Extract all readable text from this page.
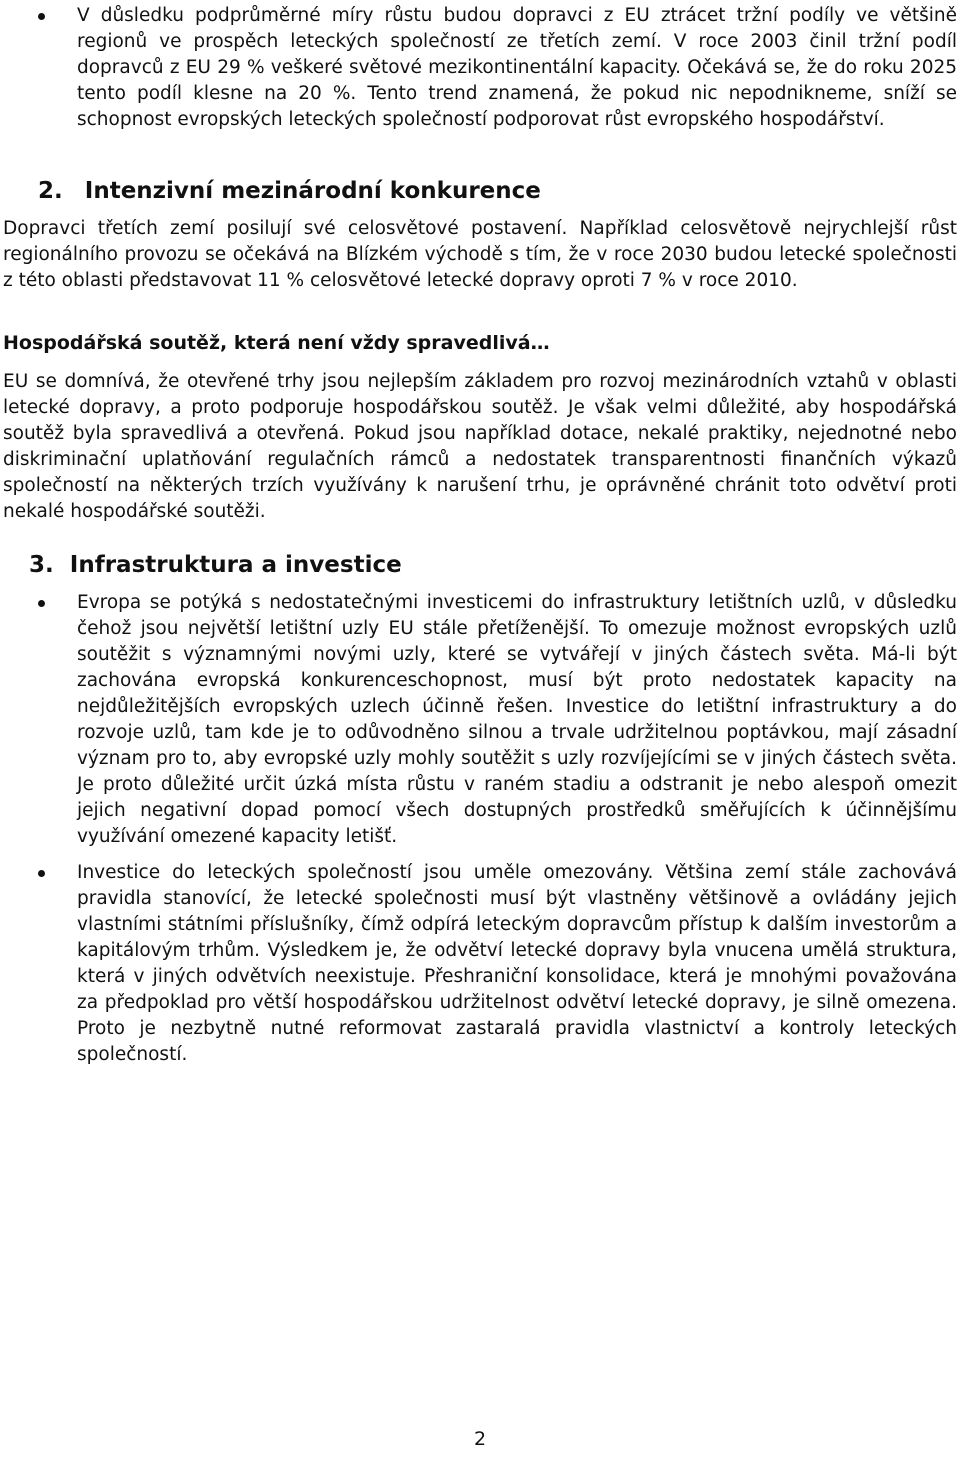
V důsledku podprůměrné míry růstu budou dopravci z EU ztrácet tržní podíly ve většině regionů ve prospěch leteckých společností ze třetích zemí. V roce 2003 činil tržní podíl dopravců z EU 29 % veškeré světové mezikontinentální kapacity. Očekává se, že do roku 2025 tento podíl klesne na 20 %. Tento trend znamená, že pokud nic nepodnikneme, sníží se schopnost evropských leteckých společností podporovat růst evropského hospodářství.

2. Intenzivní mezinárodní konkurence

Dopravci třetích zemí posilují své celosvětové postavení. Například celosvětově nejrychlejší růst regionálního provozu se očekává na Blízkém východě s tím, že v roce 2030 budou letecké společnosti z této oblasti představovat 11 % celosvětové letecké dopravy oproti 7 % v roce 2010.

Hospodářská soutěž, která není vždy spravedlivá…

EU se domnívá, že otevřené trhy jsou nejlepším základem pro rozvoj mezinárodních vztahů v oblasti letecké dopravy, a proto podporuje hospodářskou soutěž. Je však velmi důležité, aby hospodářská soutěž byla spravedlivá a otevřená. Pokud jsou například dotace, nekalé praktiky, nejednotné nebo diskriminační uplatňování regulačních rámců a nedostatek transparentnosti finančních výkazů společností na některých trzích využívány k narušení trhu, je oprávněné chránit toto odvětví proti nekalé hospodářské soutěži.

3. Infrastruktura a investice

Evropa se potýká s nedostatečnými investicemi do infrastruktury letištních uzlů, v důsledku čehož jsou největší letištní uzly EU stále přetíženější. To omezuje možnost evropských uzlů soutěžit s významnými novými uzly, které se vytvářejí v jiných částech světa. Má-li být zachována evropská konkurenceschopnost, musí být proto nedostatek kapacity na nejdůležitějších evropských uzlech účinně řešen. Investice do letištní infrastruktury a do rozvoje uzlů, tam kde je to odůvodněno silnou a trvale udržitelnou poptávkou, mají zásadní význam pro to, aby evropské uzly mohly soutěžit s uzly rozvíjejícími se v jiných částech světa. Je proto důležité určit úzká místa růstu v raném stadiu a odstranit je nebo alespoň omezit jejich negativní dopad pomocí všech dostupných prostředků směřujících k účinnějšímu využívání omezené kapacity letišť.

Investice do leteckých společností jsou uměle omezovány. Většina zemí stále zachovává pravidla stanovící, že letecké společnosti musí být vlastněny většinově a ovládány jejich vlastními státními příslušníky, čímž odpírá leteckým dopravcům přístup k dalším investorům a kapitálovým trhům. Výsledkem je, že odvětví letecké dopravy byla vnucena umělá struktura, která v jiných odvětvích neexistuje. Přeshraniční konsolidace, která je mnohými považována za předpoklad pro větší hospodářskou udržitelnost odvětví letecké dopravy, je silně omezena. Proto je nezbytně nutné reformovat zastaralá pravidla vlastnictví a kontroly leteckých společností.

2
